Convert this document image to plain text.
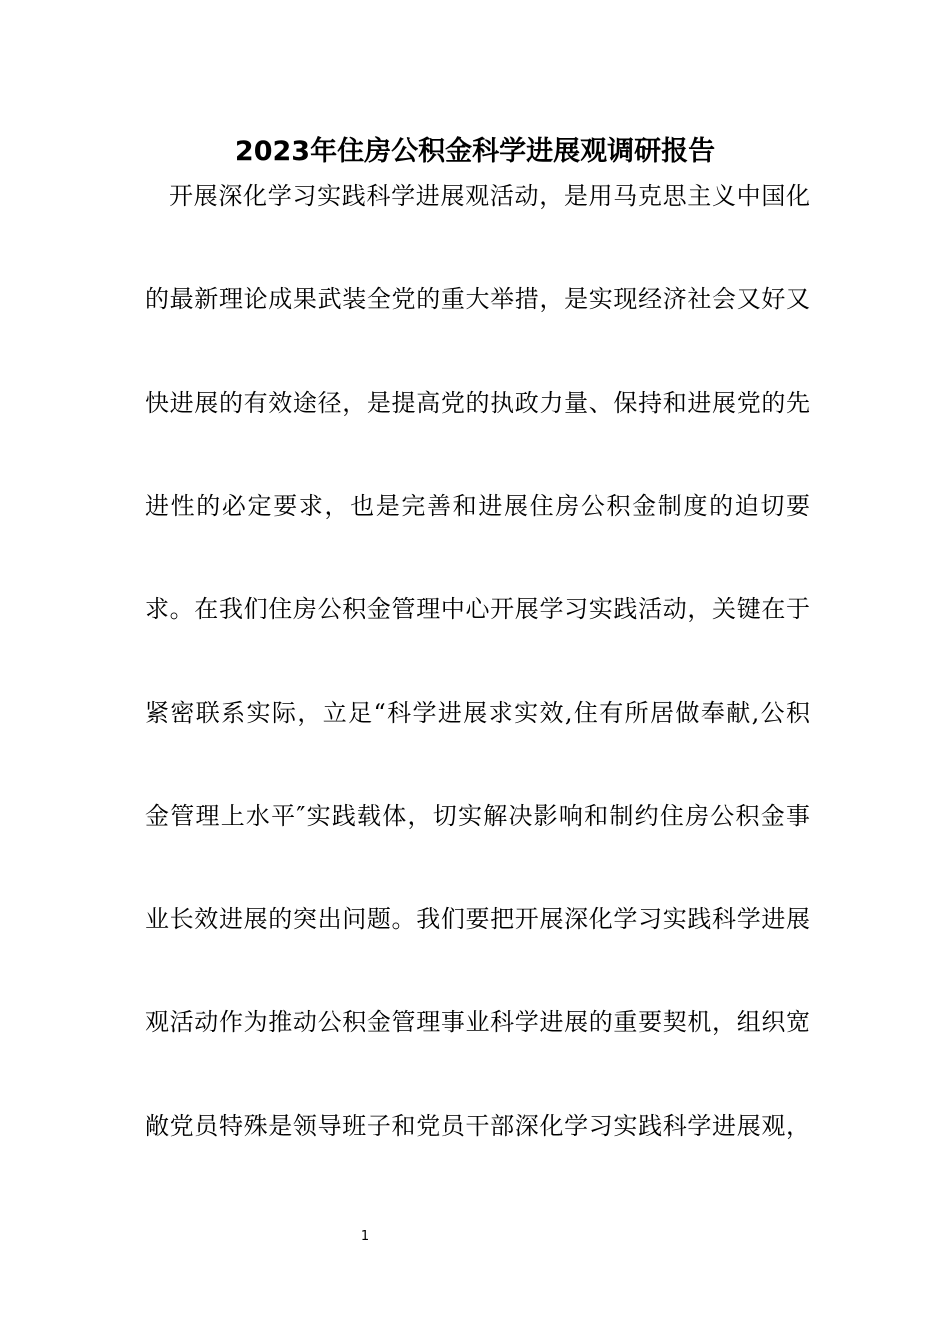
2023年住房公积金科学进展观调研报告
开展深化学习实践科学进展观活动，是用马克思主义中国化
的最新理论成果武装全党的重大举措，是实现经济社会又好又
快进展的有效途径，是提高党的执政力量、保持和进展党的先
进性的必定要求，也是完善和进展住房公积金制度的迫切要
求。在我们住房公积金管理中心开展学习实践活动，关键在于
紧密联系实际，立足“科学进展求实效,住有所居做奉献,公积
金管理上水平″实践载体，切实解决影响和制约住房公积金事
业长效进展的突出问题。我们要把开展深化学习实践科学进展
观活动作为推动公积金管理事业科学进展的重要契机，组织宽
敞党员特殊是领导班子和党员干部深化学习实践科学进展观，
1
